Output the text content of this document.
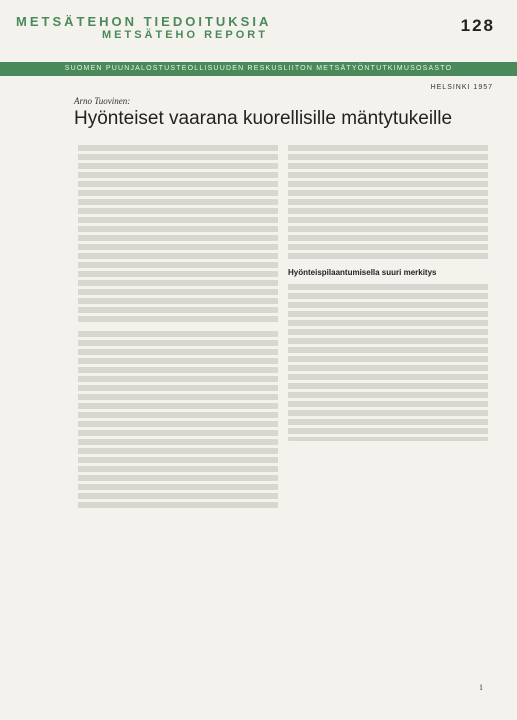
METSÄTEHON TIEDOITUKSIA
METSÄTEHO REPORT	128
SUOMEN PUUNJALOSTUSTEOLLISUUDEN RESKUSLIITON METSÄTYÖNTUTKIMUSOSASTO
HELSINKI 1957
Arno Tuovinen:
Hyönteiset vaarana kuorellisille mäntytukeille
Hyönteispilaantumisella suuri merkitys
1
